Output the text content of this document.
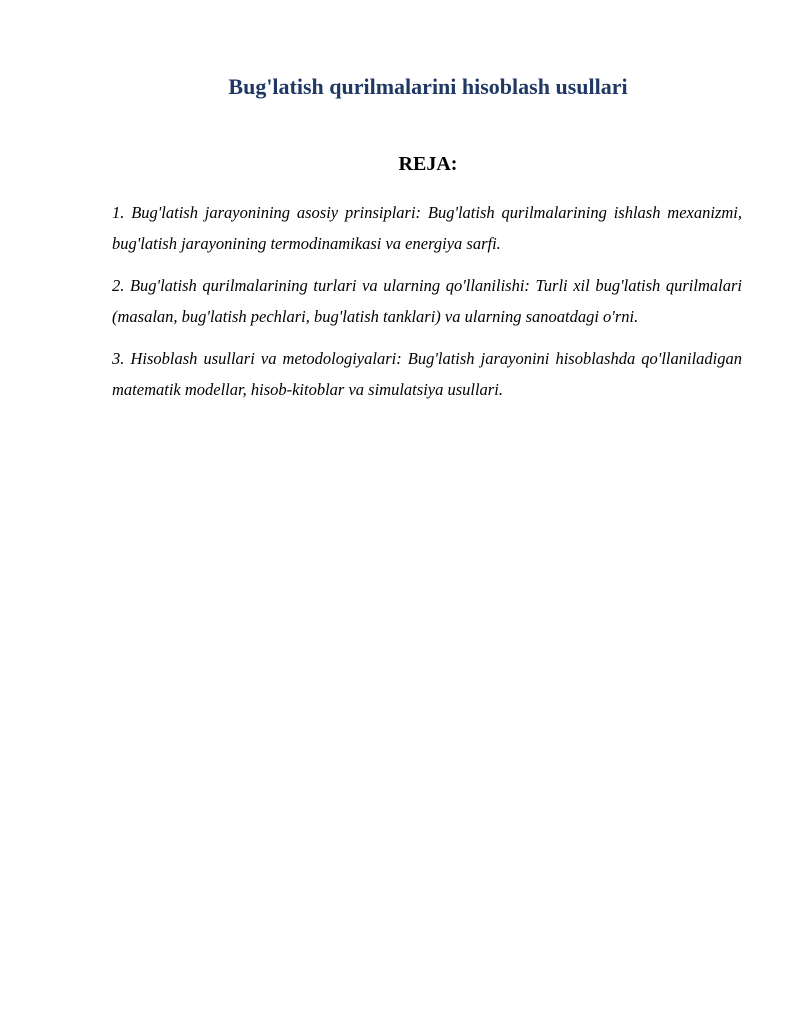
Bug'latish qurilmalarini hisoblash usullari
REJA:

1. Bug'latish jarayonining asosiy prinsiplari: Bug'latish qurilmalarining ishlash mexanizmi, bug'latish jarayonining termodinamikasi va energiya sarfi.

2. Bug'latish qurilmalarining turlari va ularning qo'llanilishi: Turli xil bug'latish qurilmalari (masalan, bug'latish pechlari, bug'latish tanklari) va ularning sanoatdagi o'rni.

3. Hisoblash usullari va metodologiyalari: Bug'latish jarayonini hisoblashda qo'llaniladigan matematik modellar, hisob-kitoblar va simulatsiya usullari.
